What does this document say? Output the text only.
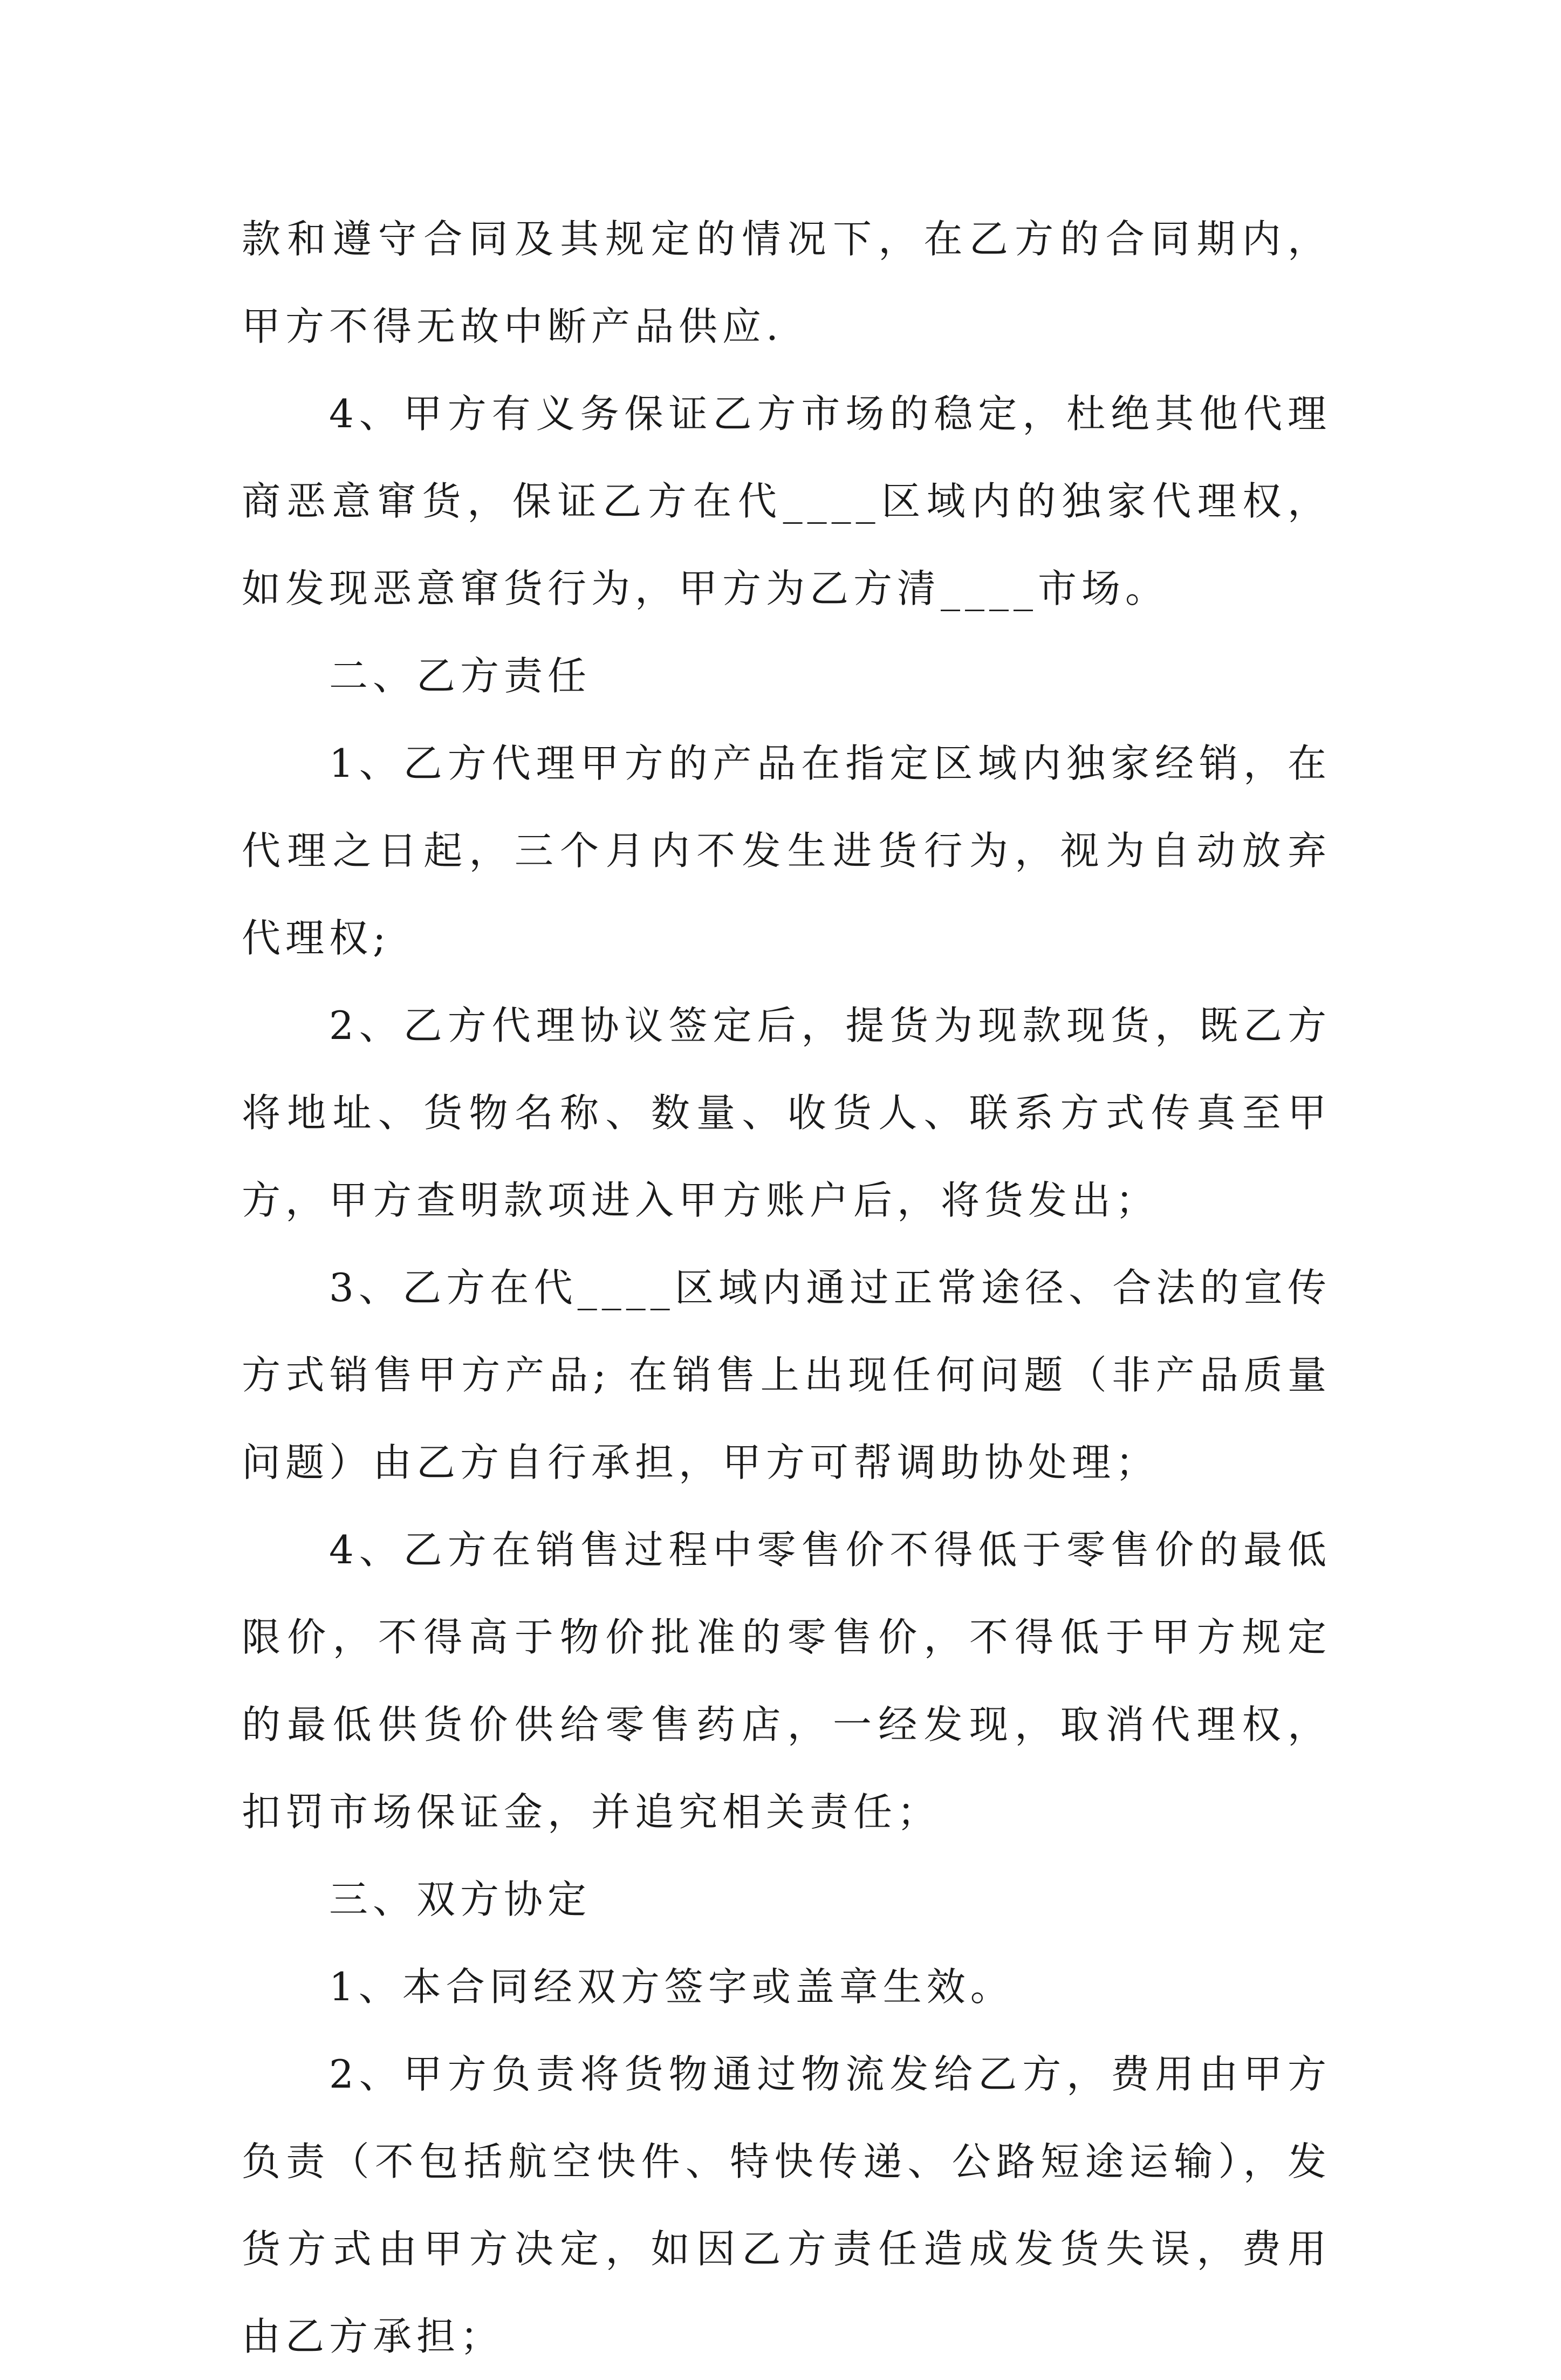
款和遵守合同及其规定的情况下，在乙方的合同期内，甲方不得无故中断产品供应.

4、甲方有义务保证乙方市场的稳定，杜绝其他代理商恶意窜货，保证乙方在代____区域内的独家代理权，如发现恶意窜货行为，甲方为乙方清____市场。

二、乙方责任

1、乙方代理甲方的产品在指定区域内独家经销，在代理之日起，三个月内不发生进货行为，视为自动放弃代理权;

2、乙方代理协议签定后，提货为现款现货，既乙方将地址、货物名称、数量、收货人、联系方式传真至甲方，甲方查明款项进入甲方账户后，将货发出；

3、乙方在代____区域内通过正常途径、合法的宣传方式销售甲方产品; 在销售上出现任何问题（非产品质量问题）由乙方自行承担，甲方可帮调助协处理；

4、乙方在销售过程中零售价不得低于零售价的最低限价，不得高于物价批准的零售价，不得低于甲方规定的最低供货价供给零售药店，一经发现，取消代理权，扣罚市场保证金，并追究相关责任；

三、双方协定

1、本合同经双方签字或盖章生效。

2、甲方负责将货物通过物流发给乙方，费用由甲方负责（不包括航空快件、特快传递、公路短途运输），发货方式由甲方决定，如因乙方责任造成发货失误，费用由乙方承担；
